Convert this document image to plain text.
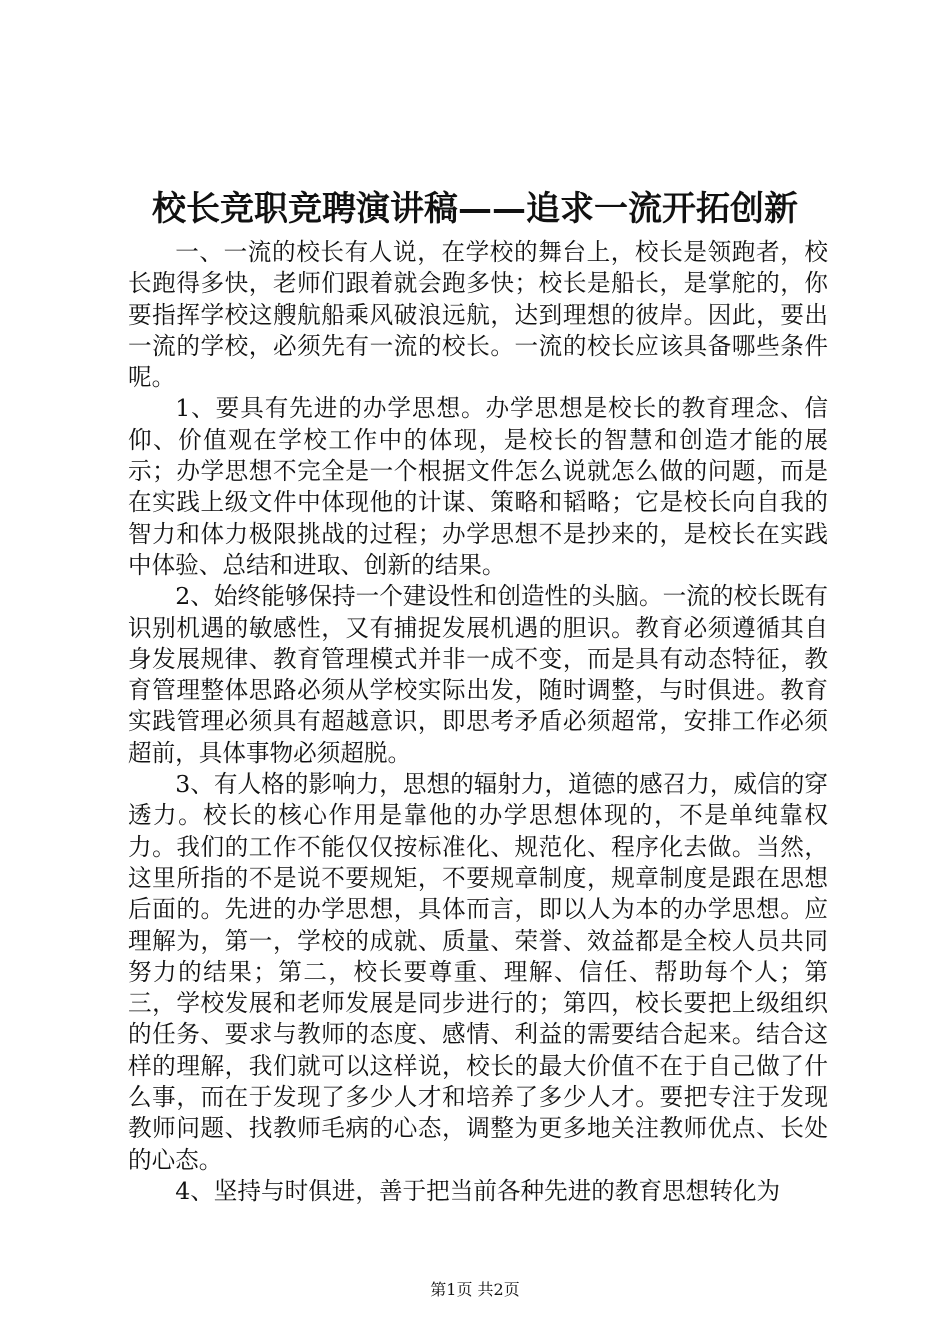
校长竞职竞聘演讲稿——追求一流开拓创新

一、一流的校长有人说，在学校的舞台上，校长是领跑者，校长跑得多快，老师们跟着就会跑多快；校长是船长，是掌舵的，你要指挥学校这艘航船乘风破浪远航，达到理想的彼岸。因此，要出一流的学校，必须先有一流的校长。一流的校长应该具备哪些条件呢。

1、要具有先进的办学思想。办学思想是校长的教育理念、信仰、价值观在学校工作中的体现，是校长的智慧和创造才能的展示；办学思想不完全是一个根据文件怎么说就怎么做的问题，而是在实践上级文件中体现他的计谋、策略和韬略；它是校长向自我的智力和体力极限挑战的过程；办学思想不是抄来的，是校长在实践中体验、总结和进取、创新的结果。

2、始终能够保持一个建设性和创造性的头脑。一流的校长既有识别机遇的敏感性，又有捕捉发展机遇的胆识。教育必须遵循其自身发展规律、教育管理模式并非一成不变，而是具有动态特征，教育管理整体思路必须从学校实际出发，随时调整，与时俱进。教育实践管理必须具有超越意识，即思考矛盾必须超常，安排工作必须超前，具体事物必须超脱。

3、有人格的影响力，思想的辐射力，道德的感召力，威信的穿透力。校长的核心作用是靠他的办学思想体现的，不是单纯靠权力。我们的工作不能仅仅按标准化、规范化、程序化去做。当然，这里所指的不是说不要规矩，不要规章制度，规章制度是跟在思想后面的。先进的办学思想，具体而言，即以人为本的办学思想。应理解为，第一，学校的成就、质量、荣誉、效益都是全校人员共同努力的结果；第二，校长要尊重、理解、信任、帮助每个人；第三，学校发展和老师发展是同步进行的；第四，校长要把上级组织的任务、要求与教师的态度、感情、利益的需要结合起来。结合这样的理解，我们就可以这样说，校长的最大价值不在于自己做了什么事，而在于发现了多少人才和培养了多少人才。要把专注于发现教师问题、找教师毛病的心态，调整为更多地关注教师优点、长处的心态。

4、坚持与时俱进，善于把当前各种先进的教育思想转化为

第1页 共2页
